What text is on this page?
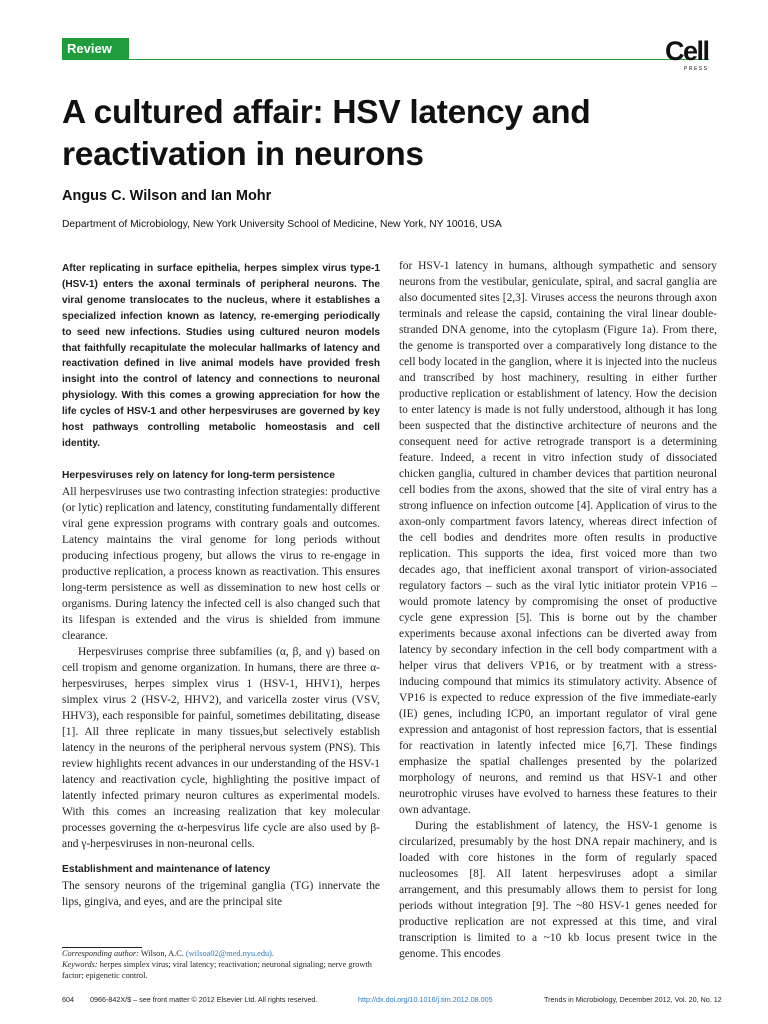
Review	Cell
PRESS
A cultured affair: HSV latency and reactivation in neurons
Angus C. Wilson and Ian Mohr
Department of Microbiology, New York University School of Medicine, New York, NY 10016, USA

After replicating in surface epithelia, herpes simplex virus type-1 (HSV-1) enters the axonal terminals of peripheral neurons. The viral genome translocates to the nucleus, where it establishes a specialized infection known as latency, re-emerging periodically to seed new infections. Studies using cultured neuron models that faithfully recapitulate the molecular hallmarks of latency and reactivation defined in live animal models have provided fresh insight into the control of latency and connections to neuronal physiology. With this comes a growing appreciation for how the life cycles of HSV-1 and other herpesviruses are governed by key host pathways controlling metabolic homeostasis and cell identity.

Herpesviruses rely on latency for long-term persistence

All herpesviruses use two contrasting infection strategies: productive (or lytic) replication and latency, constituting fundamentally different viral gene expression programs with contrary goals and outcomes. Latency maintains the viral genome for long periods without producing infectious progeny, but allows the virus to re-engage in productive replication, a process known as reactivation. This ensures long-term persistence as well as dissemination to new host cells or organisms. During latency the infected cell is also changed such that its lifespan is extended and the virus is shielded from immune clearance.

Herpesviruses comprise three subfamilies (α, β, and γ) based on cell tropism and genome organization. In humans, there are three α-herpesviruses, herpes simplex virus 1 (HSV-1, HHV1), herpes simplex virus 2 (HSV-2, HHV2), and varicella zoster virus (VSV, HHV3), each responsible for painful, sometimes debilitating, disease [1]. All three replicate in many tissues,but selectively establish latency in the neurons of the peripheral nervous system (PNS). This review highlights recent advances in our understanding of the HSV-1 latency and reactivation cycle, highlighting the positive impact of latently infected primary neuron cultures as experimental models. With this comes an increasing realization that key molecular processes governing the α-herpesvirus life cycle are also used by β- and γ-herpesviruses in non-neuronal cells.

Establishment and maintenance of latency

The sensory neurons of the trigeminal ganglia (TG) innervate the lips, gingiva, and eyes, and are the principal site

for HSV-1 latency in humans, although sympathetic and sensory neurons from the vestibular, geniculate, spiral, and sacral ganglia are also documented sites [2,3]. Viruses access the neurons through axon terminals and release the capsid, containing the viral linear double-stranded DNA genome, into the cytoplasm (Figure 1a). From there, the genome is transported over a comparatively long distance to the cell body located in the ganglion, where it is injected into the nucleus and transcribed by host machinery, resulting in either further productive replication or establishment of latency. How the decision to enter latency is made is not fully understood, although it has long been suspected that the distinctive architecture of neurons and the consequent need for active retrograde transport is a determining feature. Indeed, a recent in vitro infection study of dissociated chicken ganglia, cultured in chamber devices that partition neuronal cell bodies from the axons, showed that the site of viral entry has a strong influence on infection outcome [4]. Application of virus to the axon-only compartment favors latency, whereas direct infection of the cell bodies and dendrites more often results in productive replication. This supports the idea, first voiced more than two decades ago, that inefficient axonal transport of virion-associated regulatory factors – such as the viral lytic initiator protein VP16 – would promote latency by compromising the onset of productive cycle gene expression [5]. This is borne out by the chamber experiments because axonal infections can be diverted away from latency by secondary infection in the cell body compartment with a helper virus that delivers VP16, or by treatment with a stress-inducing compound that mimics its stimulatory activity. Absence of VP16 is expected to reduce expression of the five immediate-early (IE) genes, including ICP0, an important regulator of viral gene expression and antagonist of host repression factors, that is essential for reactivation in latently infected mice [6,7]. These findings emphasize the spatial challenges presented by the polarized morphology of neurons, and remind us that HSV-1 and other neurotrophic viruses have evolved to harness these features to their own advantage.

During the establishment of latency, the HSV-1 genome is circularized, presumably by the host DNA repair machinery, and is loaded with core histones in the form of regularly spaced nucleosomes [8]. All latent herpesviruses adopt a similar arrangement, and this presumably allows them to persist for long periods without integration [9]. The ~80 HSV-1 genes needed for productive replication are not expressed at this time, and viral transcription is limited to a ~10 kb locus present twice in the genome. This encodes

Corresponding author: Wilson, A.C. (wilsoa02@med.nyu.edu).
Keywords: herpes simplex virus; viral latency; reactivation; neuronal signaling; nerve growth factor; epigenetic control.
604 0966-842X/$ – see front matter © 2012 Elsevier Ltd. All rights reserved.	http://dx.doi.org/10.1016/j.tim.2012.08.005	Trends in Microbiology, December 2012, Vol. 20, No. 12
